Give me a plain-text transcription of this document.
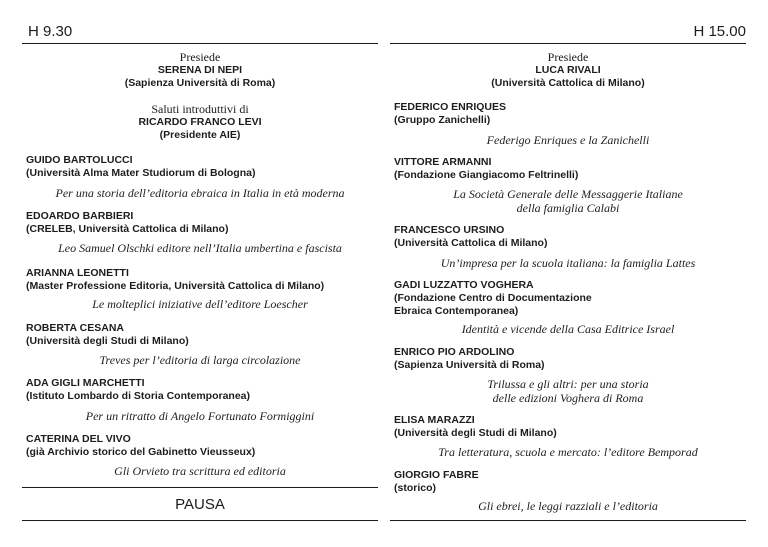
H 9.30
Presiede
SERENA DI NEPI
(Sapienza Università di Roma)
Saluti introduttivi di
RICARDO FRANCO LEVI
(Presidente AIE)
GUIDO BARTOLUCCI
(Università Alma Mater Studiorum di Bologna)
Per una storia dell’editoria ebraica in Italia in età moderna
EDOARDO BARBIERI
(CRELEB, Università Cattolica di Milano)
Leo Samuel Olschki editore nell’Italia umbertina e fascista
ARIANNA LEONETTI
(Master Professione Editoria, Università Cattolica di Milano)
Le molteplici iniziative dell’editore Loescher
ROBERTA CESANA
(Università degli Studi di Milano)
Treves per l’editoria di larga circolazione
ADA GIGLI MARCHETTI
(Istituto Lombardo di Storia Contemporanea)
Per un ritratto di Angelo Fortunato Formiggini
CATERINA DEL VIVO
(già Archivio storico del Gabinetto Vieusseux)
Gli Orvieto tra scrittura ed editoria
PAUSA
H 15.00
Presiede
LUCA RIVALI
(Università Cattolica di Milano)
FEDERICO ENRIQUES
(Gruppo Zanichelli)
Federigo Enriques e la Zanichelli
VITTORE ARMANNI
(Fondazione Giangiacomo Feltrinelli)
La Società Generale delle Messaggerie Italiane
della famiglia Calabi
FRANCESCO URSINO
(Università Cattolica di Milano)
Un’impresa per la scuola italiana: la famiglia Lattes
GADI LUZZATTO VOGHERA
(Fondazione Centro di Documentazione
Ebraica Contemporanea)
Identità e vicende della Casa Editrice Israel
ENRICO PIO ARDOLINO
(Sapienza Università di Roma)
Trilussa e gli altri: per una storia
delle edizioni Voghera di Roma
ELISA MARAZZI
(Università degli Studi di Milano)
Tra letteratura, scuola e mercato: l’editore Bemporad
GIORGIO FABRE
(storico)
Gli ebrei, le leggi razziali e l’editoria
